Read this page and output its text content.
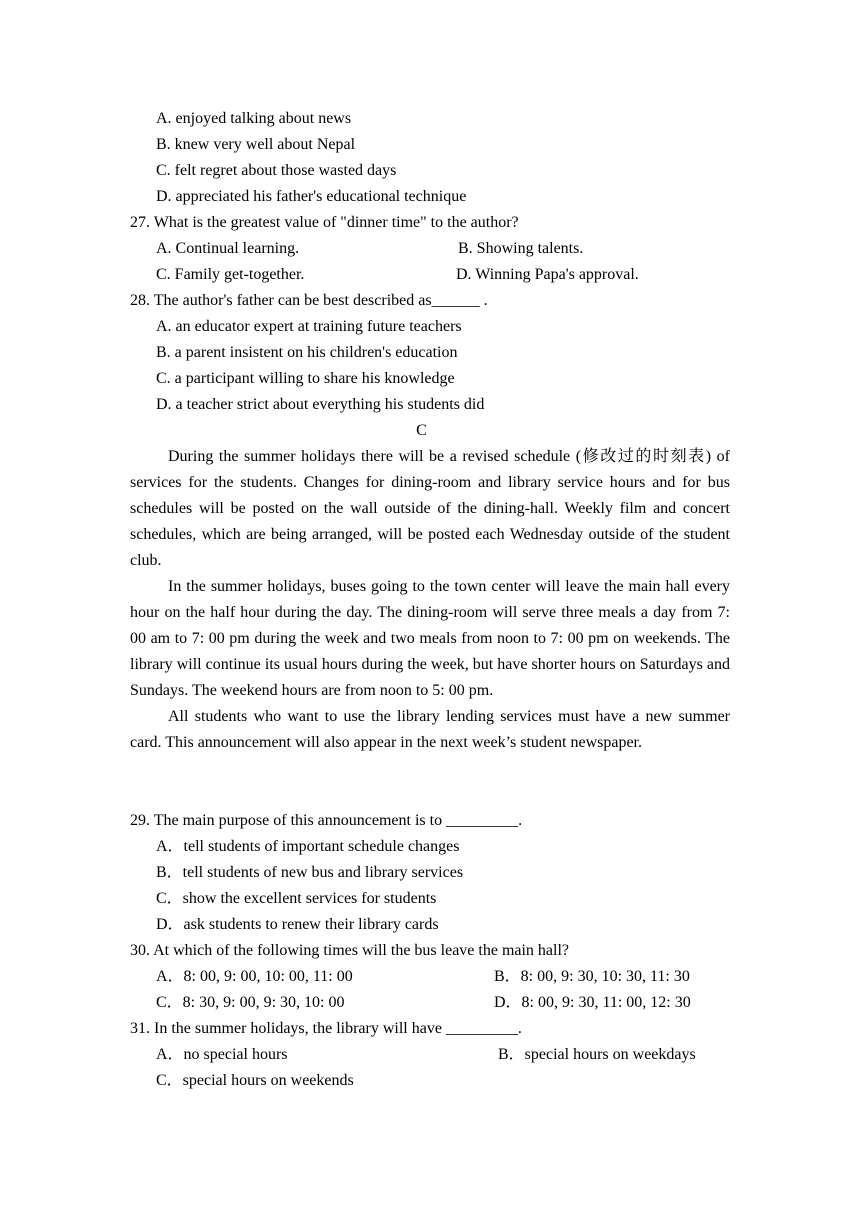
A. enjoyed talking about news
B. knew very well about Nepal
C. felt regret about those wasted days
D. appreciated his father's educational technique
27. What is the greatest value of "dinner time" to the author?
A. Continual learning.	B. Showing talents.
C. Family get-together.	D. Winning Papa's approval.
28. The author's father can be best described as______ .
A. an educator expert at training future teachers
B. a parent insistent on his children's education
C. a participant willing to share his knowledge
D. a teacher strict about everything his students did
C

During the summer holidays there will be a revised schedule (修改过的时刻表) of services for the students. Changes for dining-room and library service hours and for bus schedules will be posted on the wall outside of the dining-hall. Weekly film and concert schedules, which are being arranged, will be posted each Wednesday outside of the student club.

In the summer holidays, buses going to the town center will leave the main hall every hour on the half hour during the day. The dining-room will serve three meals a day from 7: 00 am to 7: 00 pm during the week and two meals from noon to 7: 00 pm on weekends. The library will continue its usual hours during the week, but have shorter hours on Saturdays and Sundays. The weekend hours are from noon to 5: 00 pm.

All students who want to use the library lending services must have a new summer card. This announcement will also appear in the next week’s student newspaper.

29. The main purpose of this announcement is to _________.
A．tell students of important schedule changes
B．tell students of new bus and library services
C．show the excellent services for students
D．ask students to renew their library cards
30. At which of the following times will the bus leave the main hall?
A．8: 00, 9: 00, 10: 00, 11: 00	B．8: 00, 9: 30, 10: 30, 11: 30
C．8: 30, 9: 00, 9: 30, 10: 00	D．8: 00, 9: 30, 11: 00, 12: 30
31. In the summer holidays, the library will have _________.
A．no special hours	B．special hours on weekdays
C．special hours on weekends
